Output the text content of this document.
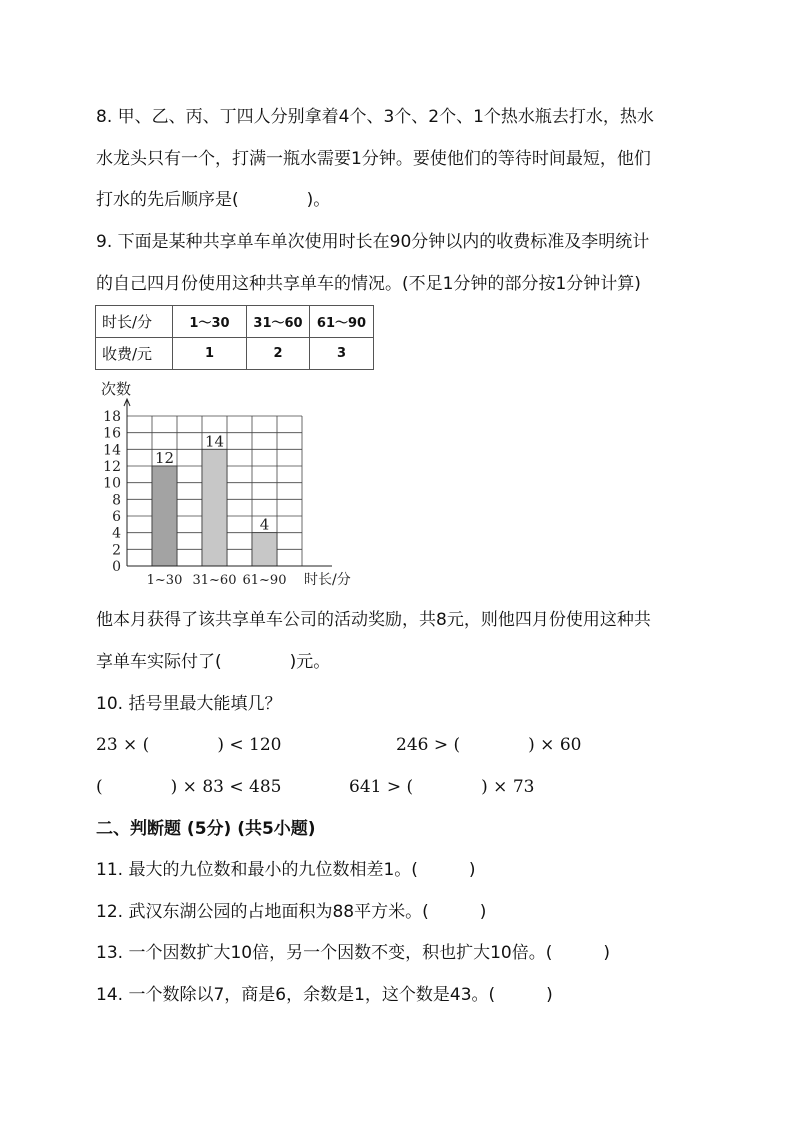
8. 甲、乙、丙、丁四人分别拿着4个、3个、2个、1个热水瓶去打水，热水
水龙头只有一个，打满一瓶水需要1分钟。要使他们的等待时间最短，他们
打水的先后顺序是(　　　　)。
9. 下面是某种共享单车单次使用时长在90分钟以内的收费标准及李明统计
的自己四月份使用这种共享单车的情况。(不足1分钟的部分按1分钟计算)
时长/分	1～30	31～60	61～90
收费/元	1	2	3
12
14
4
0
2
4
6
8
10
12
14
16
18
1~30 31~60 61~90
次数
时长/分
他本月获得了该共享单车公司的活动奖励，共8元，则他四月份使用这种共
享单车实际付了(　　　　)元。
10. 括号里最大能填几？
23 × (　　　　) < 120	246 > (　　　　) × 60
(　　　　) × 83 < 485	641 > (　　　　) × 73
二、判断题 (5分) (共5小题)
11. 最大的九位数和最小的九位数相差1。(　　　)
12. 武汉东湖公园的占地面积为88平方米。(　　　)
13. 一个因数扩大10倍，另一个因数不变，积也扩大10倍。(　　　)
14. 一个数除以7，商是6，余数是1，这个数是43。(　　　)
